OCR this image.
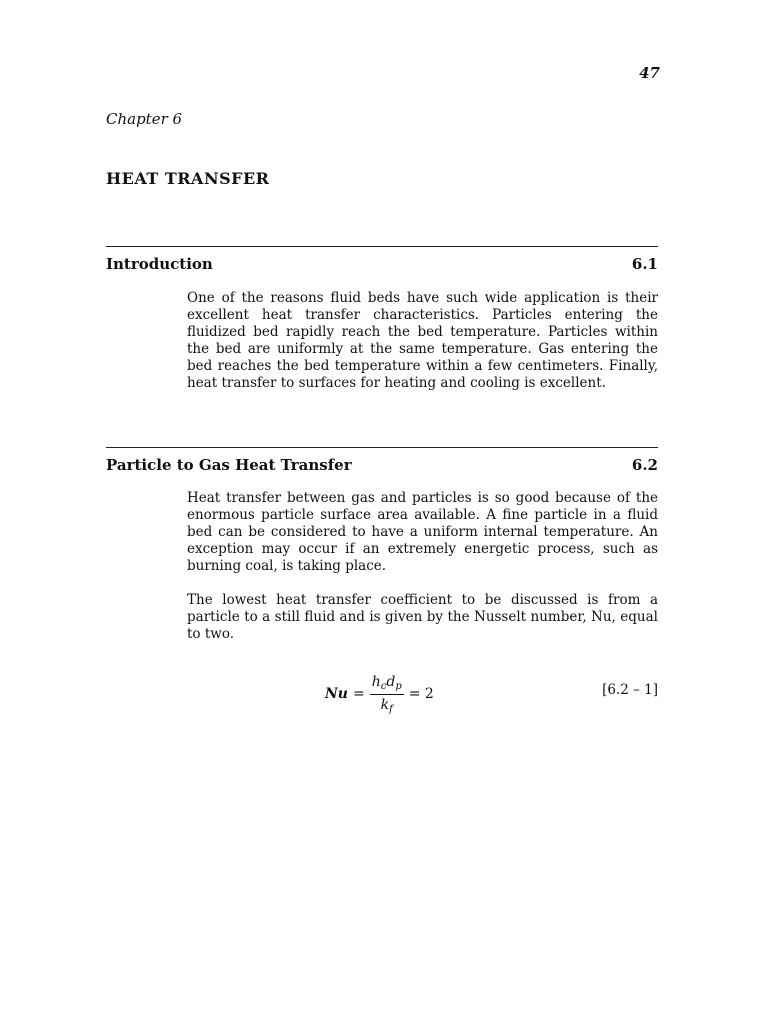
47
Chapter 6
HEAT TRANSFER
Introduction	6.1

One of the reasons fluid beds have such wide application is their excellent heat transfer characteristics. Particles entering the fluidized bed rapidly reach the bed temperature. Particles within the bed are uniformly at the same temperature. Gas entering the bed reaches the bed temperature within a few centimeters. Finally, heat transfer to surfaces for heating and cooling is excellent.

Particle to Gas Heat Transfer	6.2

Heat transfer between gas and particles is so good because of the enormous particle surface area available. A fine particle in a fluid bed can be considered to have a uniform internal temperature. An exception may occur if an extremely energetic process, such as burning coal, is taking place.

The lowest heat transfer coefficient to be discussed is from a particle to a still fluid and is given by the Nusselt number, Nu, equal to two.

$Nu = \frac{h_cd_p}{k_f} = 2$	[6.2 – 1]
